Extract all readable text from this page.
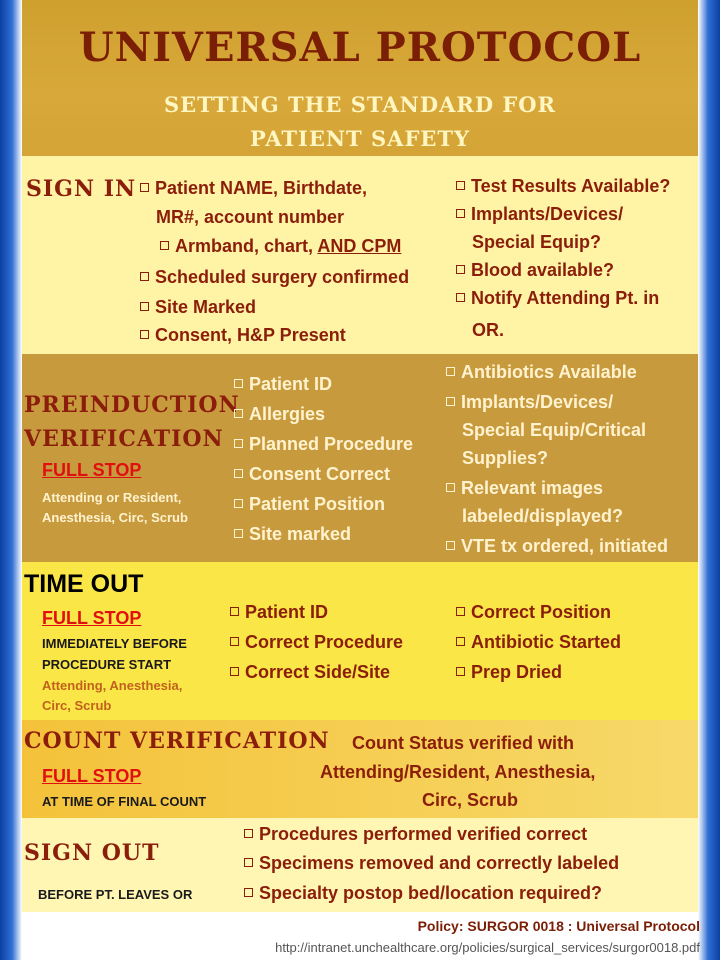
UNIVERSAL PROTOCOL
SETTING THE STANDARD FOR
PATIENT SAFETY
SIGN IN	Patient NAME, Birthdate,
MR#, account number
Armband, chart, AND CPM
Scheduled surgery confirmed
Site Marked
Consent, H&P Present
Test Results Available?
Implants/Devices/
Special Equip?
Blood available?
Notify Attending Pt. in
OR.
PREINDUCTION
VERIFICATION
FULL STOP
Attending or Resident,
Anesthesia, Circ, Scrub
Patient ID
Allergies
Planned Procedure
Consent Correct
Patient Position
Site marked
Antibiotics Available
Implants/Devices/
Special Equip/Critical
Supplies?
Relevant images
labeled/displayed?
VTE tx ordered, initiated
TIME OUT
FULL STOP
IMMEDIATELY BEFORE
PROCEDURE START
Attending, Anesthesia,
Circ, Scrub
Patient ID
Correct Procedure
Correct Side/Site
Correct Position
Antibiotic Started
Prep Dried
COUNT VERIFICATION
FULL STOP
AT TIME OF FINAL COUNT
Count Status verified with
Attending/Resident, Anesthesia,
Circ, Scrub
SIGN OUT
BEFORE PT. LEAVES OR
Procedures performed verified correct
Specimens removed and correctly labeled
Specialty postop bed/location required?
Policy: SURGOR 0018 : Universal Protocol
http://intranet.unchealthcare.org/policies/surgical_services/surgor0018.pdf
